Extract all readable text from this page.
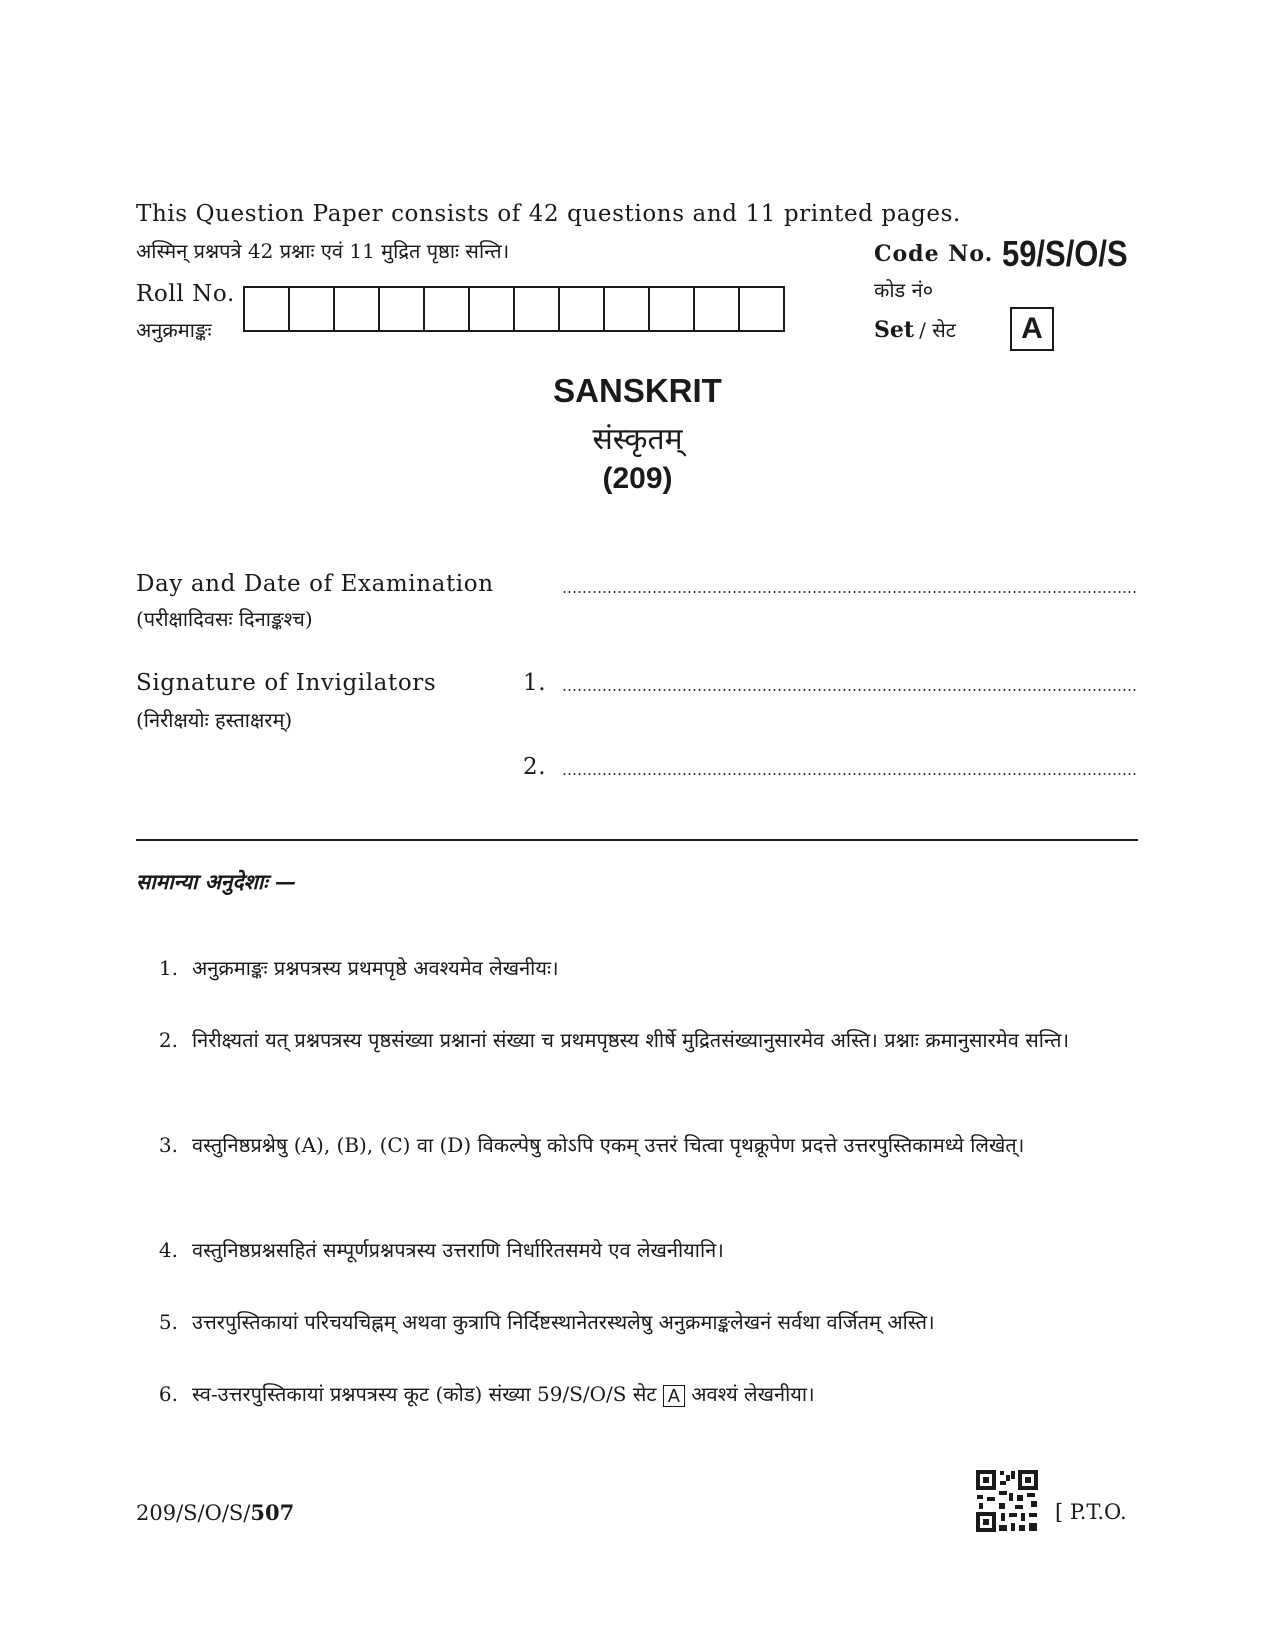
This Question Paper consists of 42 questions and 11 printed pages.
अस्मिन् प्रश्नपत्रे 42 प्रश्नाः एवं 11 मुद्रित पृष्ठाः सन्ति।	Code No. 59/S/O/S
कोड नं०
Roll No.
अनुक्रमाङ्कः	Set / सेट	A
SANSKRIT
संस्कृतम्
(209)
Day and Date of Examination
(परीक्षादिवसः दिनाङ्कश्च)
Signature of Invigilators
(निरीक्षयोः हस्ताक्षरम्)
1.
2.
सामान्या अनुदेशाः —
1. अनुक्रमाङ्कः प्रश्नपत्रस्य प्रथमपृष्ठे अवश्यमेव लेखनीयः।
2. निरीक्ष्यतां यत् प्रश्नपत्रस्य पृष्ठसंख्या प्रश्नानां संख्या च प्रथमपृष्ठस्य शीर्षे मुद्रितसंख्यानुसारमेव अस्ति। प्रश्नाः क्रमानुसारमेव सन्ति।
3. वस्तुनिष्ठप्रश्नेषु (A), (B), (C) वा (D) विकल्पेषु कोऽपि एकम् उत्तरं चित्वा पृथक्रूपेण प्रदत्ते उत्तरपुस्तिकामध्ये लिखेत्।
4. वस्तुनिष्ठप्रश्नसहितं सम्पूर्णप्रश्नपत्रस्य उत्तराणि निर्धारितसमये एव लेखनीयानि।
5. उत्तरपुस्तिकायां परिचयचिह्नम् अथवा कुत्रापि निर्दिष्टस्थानेतरस्थलेषु अनुक्रमाङ्कलेखनं सर्वथा वर्जितम् अस्ति।
6. स्व-उत्तरपुस्तिकायां प्रश्नपत्रस्य कूट (कोड) संख्या 59/S/O/S सेट A अवश्यं लेखनीया।
209/S/O/S/507	[ P.T.O.
